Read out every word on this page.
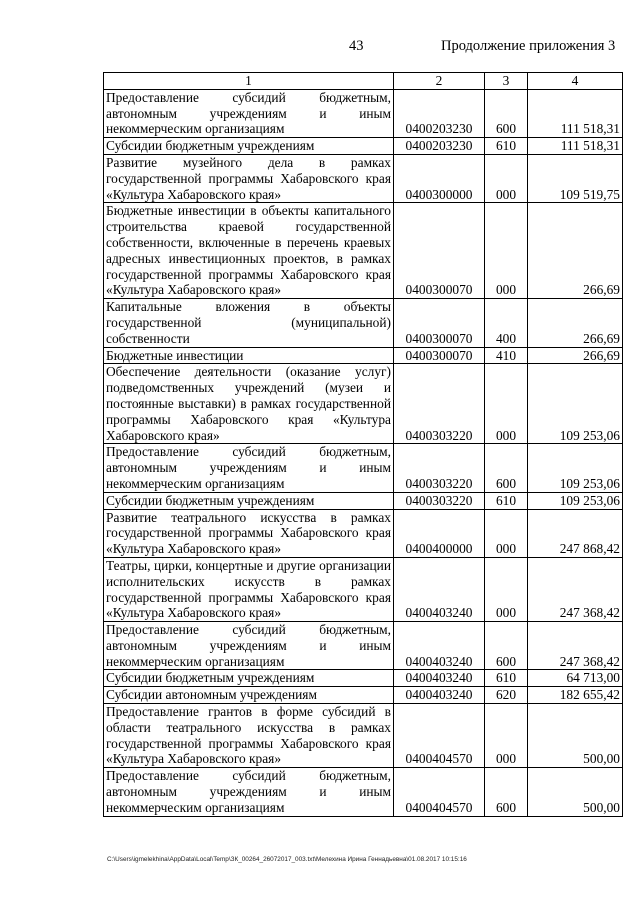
43	Продолжение приложения 3
1	2	3	4
Предоставление субсидий бюджетным, автономным учреждениям и иным некоммерческим организациям	0400203230	600	111 518,31
Субсидии бюджетным учреждениям	0400203230	610	111 518,31
Развитие музейного дела в рамках государственной программы Хабаровского края «Культура Хабаровского края»	0400300000	000	109 519,75
Бюджетные инвестиции в объекты капитального строительства краевой государственной собственности, включенные в перечень краевых адресных инвестиционных проектов, в рамках государственной программы Хабаровского края «Культура Хабаровского края»	0400300070	000	266,69
Капитальные вложения в объекты государственной (муниципальной) собственности	0400300070	400	266,69
Бюджетные инвестиции	0400300070	410	266,69
Обеспечение деятельности (оказание услуг) подведомственных учреждений (музеи и постоянные выставки) в рамках государственной программы Хабаровского края «Культура Хабаровского края»	0400303220	000	109 253,06
Предоставление субсидий бюджетным, автономным учреждениям и иным некоммерческим организациям	0400303220	600	109 253,06
Субсидии бюджетным учреждениям	0400303220	610	109 253,06
Развитие театрального искусства в рамках государственной программы Хабаровского края «Культура Хабаровского края»	0400400000	000	247 868,42
Театры, цирки, концертные и другие организации исполнительских искусств в рамках государственной программы Хабаровского края «Культура Хабаровского края»	0400403240	000	247 368,42
Предоставление субсидий бюджетным, автономным учреждениям и иным некоммерческим организациям	0400403240	600	247 368,42
Субсидии бюджетным учреждениям	0400403240	610	64 713,00
Субсидии автономным учреждениям	0400403240	620	182 655,42
Предоставление грантов в форме субсидий в области театрального искусства в рамках государственной программы Хабаровского края «Культура Хабаровского края»	0400404570	000	500,00
Предоставление субсидий бюджетным, автономным учреждениям и иным некоммерческим организациям	0400404570	600	500,00
C:\Users\igmelekhina\AppData\Local\Temp\ЗК_00264_26072017_003.txt\Мелехина Ирина Геннадьевна\01.08.2017 10:15:16
